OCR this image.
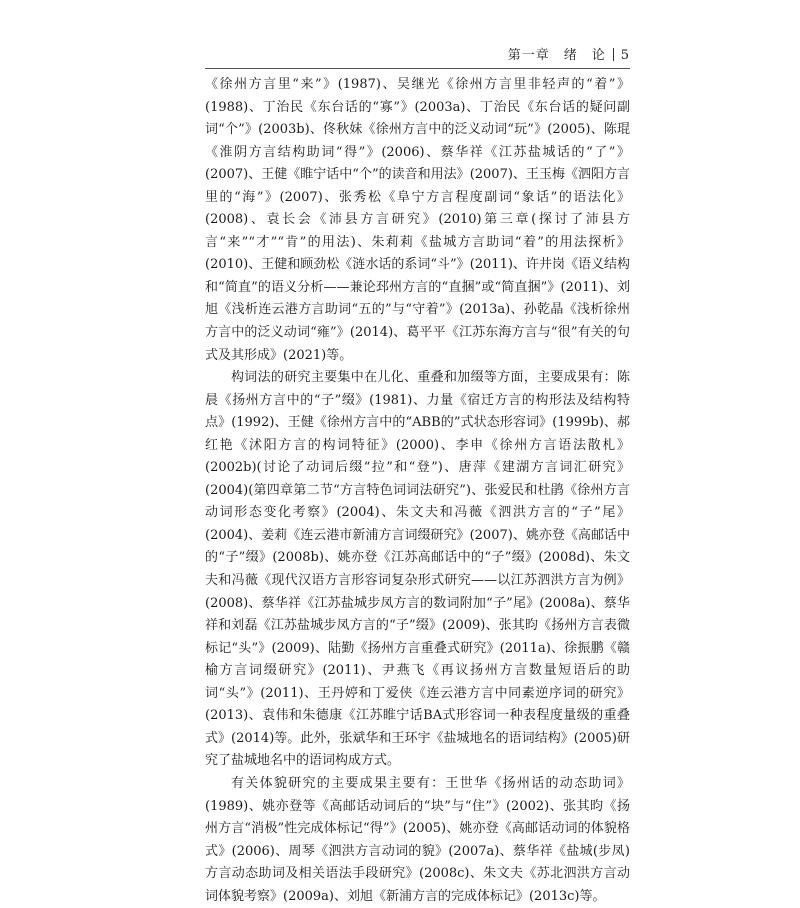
第一章　绪　论 5

《徐州方言里“来”》(1987)、吴继光《徐州方言里非轻声的“着”》(1988)、丁治民《东台话的“寡”》(2003a)、丁治民《东台话的疑问副词“个”》(2003b)、佟秋妹《徐州方言中的泛义动词“玩”》(2005)、陈琨《淮阴方言结构助词“得”》(2006)、蔡华祥《江苏盐城话的“了”》(2007)、王健《睢宁话中“个”的读音和用法》(2007)、王玉梅《泗阳方言里的“海”》(2007)、张秀松《阜宁方言程度副词“象话”的语法化》(2008)、袁长会《沛县方言研究》(2010)第三章(探讨了沛县方言“来”“才”“肯”的用法)、朱莉莉《盐城方言助词“着”的用法探析》(2010)、王健和顾劲松《涟水话的系词“斗”》(2011)、许井岗《语义结构和“简直”的语义分析——兼论邳州方言的“直捆”或“简直捆”》(2011)、刘旭《浅析连云港方言助词“五的”与“守着”》(2013a)、孙乾晶《浅析徐州方言中的泛义动词“雍”》(2014)、葛平平《江苏东海方言与“很”有关的句式及其形成》(2021)等。

构词法的研究主要集中在儿化、重叠和加缀等方面，主要成果有：陈晨《扬州方言中的“子”缀》(1981)、力量《宿迁方言的构形法及结构特点》(1992)、王健《徐州方言中的“ABB的”式状态形容词》(1999b)、郝红艳《沭阳方言的构词特征》(2000)、李申《徐州方言语法散札》(2002b)(讨论了动词后缀“拉”和“登”)、唐萍《建湖方言词汇研究》(2004)(第四章第二节“方言特色词词法研究”)、张爱民和杜鹃《徐州方言动词形态变化考察》(2004)、朱文夫和冯薇《泗洪方言的“子”尾》(2004)、姜莉《连云港市新浦方言词缀研究》(2007)、姚亦登《高邮话中的“子”缀》(2008b)、姚亦登《江苏高邮话中的“子”缀》(2008d)、朱文夫和冯薇《现代汉语方言形容词复杂形式研究——以江苏泗洪方言为例》(2008)、蔡华祥《江苏盐城步凤方言的数词附加“子”尾》(2008a)、蔡华祥和刘磊《江苏盐城步凤方言的“子”缀》(2009)、张其昀《扬州方言表微标记“头”》(2009)、陆勤《扬州方言重叠式研究》(2011a)、徐振鹏《赣榆方言词缀研究》(2011)、尹燕飞《再议扬州方言数量短语后的助词“头”》(2011)、王丹婷和丁爱侠《连云港方言中同素逆序词的研究》(2013)、袁伟和朱德康《江苏睢宁话BA式形容词一种表程度量级的重叠式》(2014)等。此外，张斌华和王环宇《盐城地名的语词结构》(2005)研究了盐城地名中的语词构成方式。

有关体貌研究的主要成果主要有：王世华《扬州话的动态助词》(1989)、姚亦登等《高邮话动词后的“块”与“住”》(2002)、张其昀《扬州方言“消极”性完成体标记“得”》(2005)、姚亦登《高邮话动词的体貌格式》(2006)、周琴《泗洪方言动词的貌》(2007a)、蔡华祥《盐城(步凤)方言动态助词及相关语法手段研究》(2008c)、朱文夫《苏北泗洪方言动词体貌考察》(2009a)、刘旭《新浦方言的完成体标记》(2013c)等。
